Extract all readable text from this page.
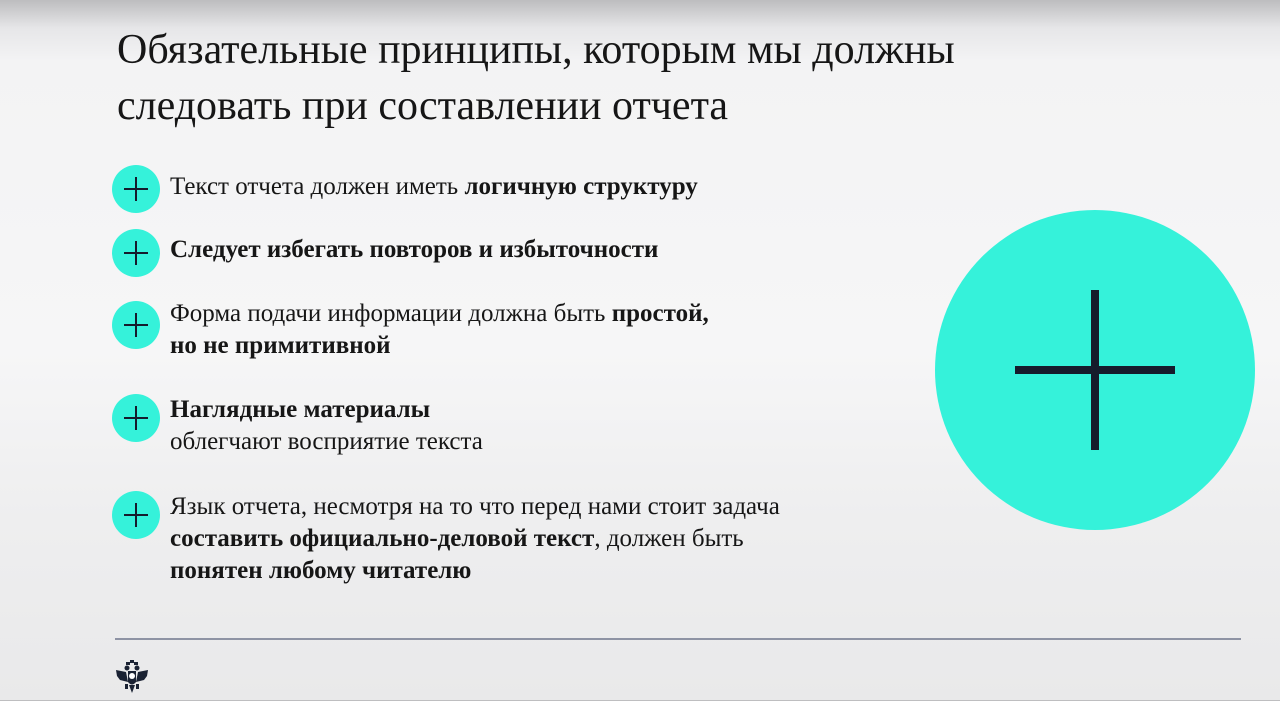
Обязательные принципы, которым мы должны
следовать при составлении отчета
Текст отчета должен иметь логичную структуру
Следует избегать повторов и избыточности
Форма подачи информации должна быть простой,
но не примитивной
Наглядные материалы
облегчают восприятие текста
Язык отчета, несмотря на то что перед нами стоит задача
составить официально-деловой текст, должен быть
понятен любому читателю
